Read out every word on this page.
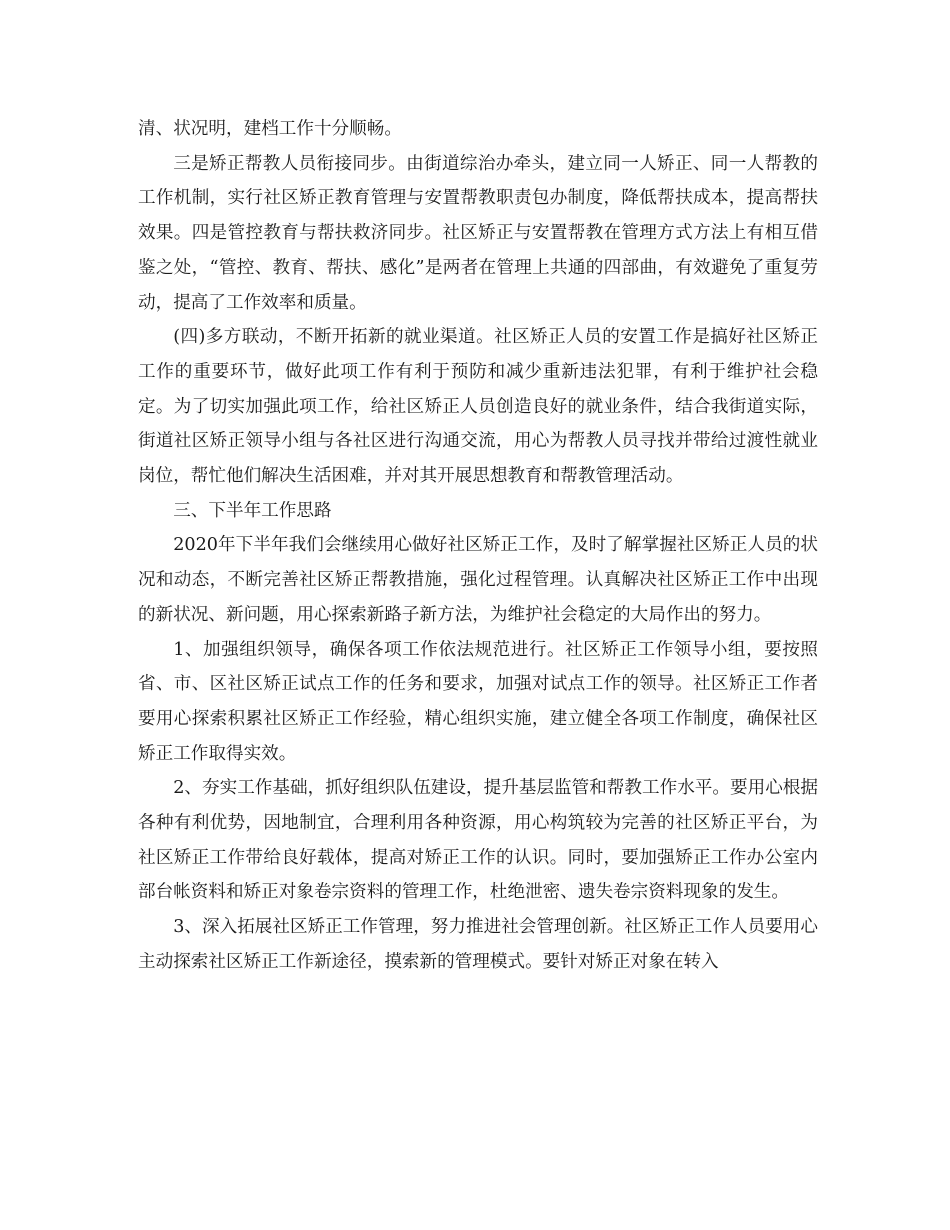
清、状况明，建档工作十分顺畅。

三是矫正帮教人员衔接同步。由街道综治办牵头，建立同一人矫正、同一人帮教的工作机制，实行社区矫正教育管理与安置帮教职责包办制度，降低帮扶成本，提高帮扶效果。四是管控教育与帮扶救济同步。社区矫正与安置帮教在管理方式方法上有相互借鉴之处，“管控、教育、帮扶、感化”是两者在管理上共通的四部曲，有效避免了重复劳动，提高了工作效率和质量。

(四)多方联动，不断开拓新的就业渠道。社区矫正人员的安置工作是搞好社区矫正工作的重要环节，做好此项工作有利于预防和减少重新违法犯罪，有利于维护社会稳定。为了切实加强此项工作，给社区矫正人员创造良好的就业条件，结合我街道实际，街道社区矫正领导小组与各社区进行沟通交流，用心为帮教人员寻找并带给过渡性就业岗位，帮忙他们解决生活困难，并对其开展思想教育和帮教管理活动。

三、下半年工作思路

2020年下半年我们会继续用心做好社区矫正工作，及时了解掌握社区矫正人员的状况和动态，不断完善社区矫正帮教措施，强化过程管理。认真解决社区矫正工作中出现的新状况、新问题，用心探索新路子新方法，为维护社会稳定的大局作出的努力。

1、加强组织领导，确保各项工作依法规范进行。社区矫正工作领导小组，要按照省、市、区社区矫正试点工作的任务和要求，加强对试点工作的领导。社区矫正工作者要用心探索积累社区矫正工作经验，精心组织实施，建立健全各项工作制度，确保社区矫正工作取得实效。

2、夯实工作基础，抓好组织队伍建设，提升基层监管和帮教工作水平。要用心根据各种有利优势，因地制宜，合理利用各种资源，用心构筑较为完善的社区矫正平台，为社区矫正工作带给良好载体，提高对矫正工作的认识。同时，要加强矫正工作办公室内部台帐资料和矫正对象卷宗资料的管理工作，杜绝泄密、遗失卷宗资料现象的发生。

3、深入拓展社区矫正工作管理，努力推进社会管理创新。社区矫正工作人员要用心主动探索社区矫正工作新途径，摸索新的管理模式。要针对矫正对象在转入
